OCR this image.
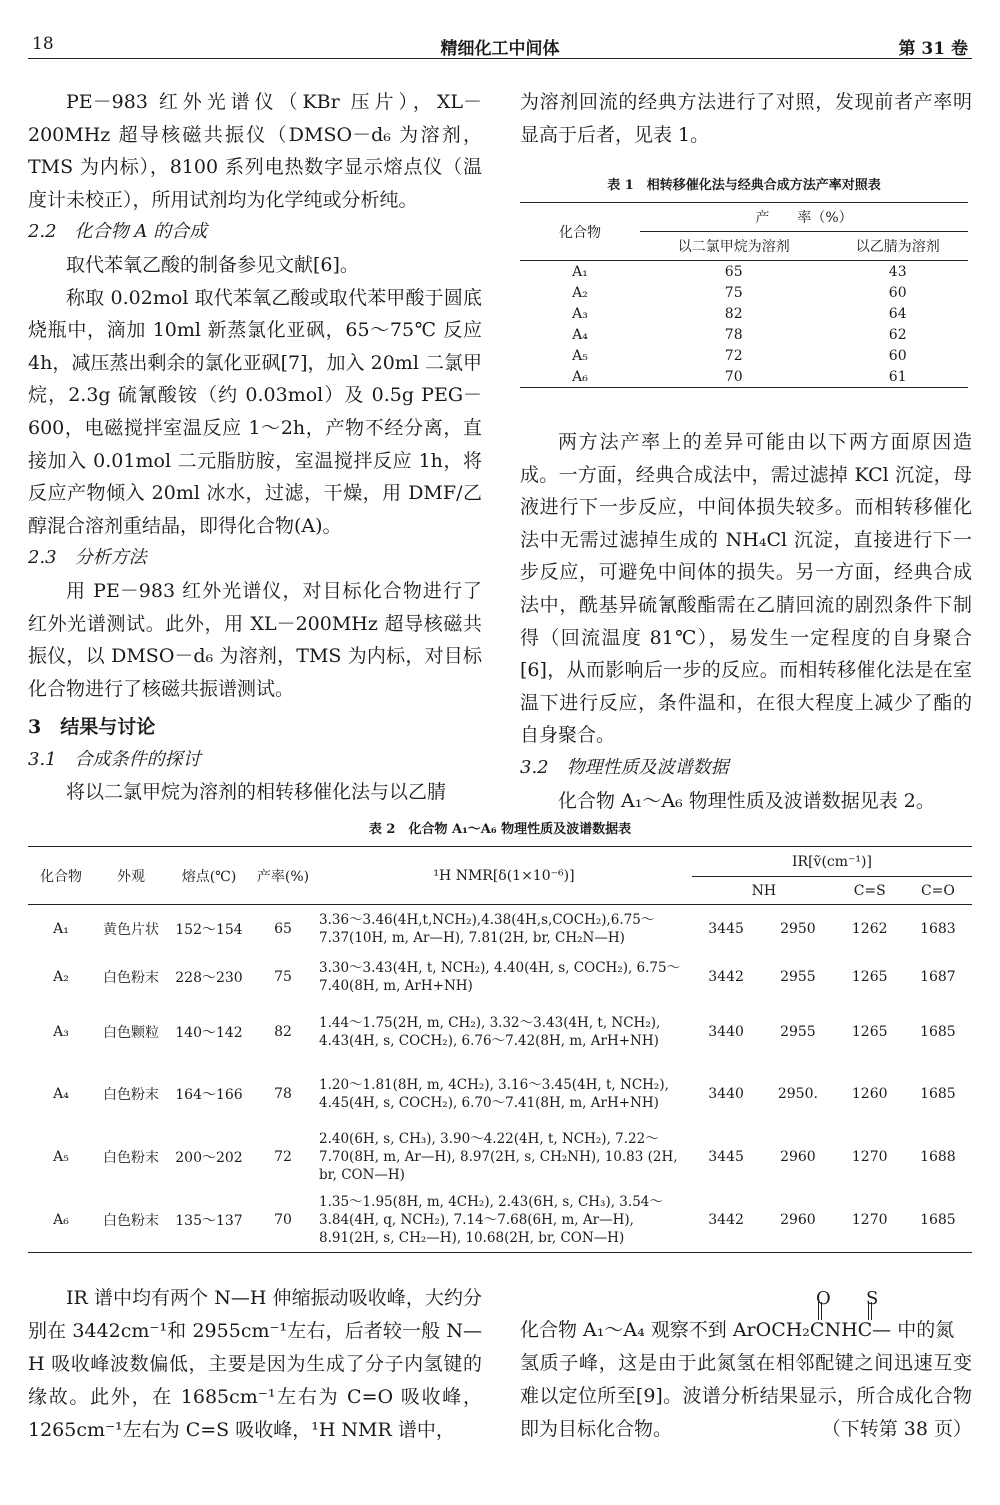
18	精细化工中间体	第 31 卷

PE－983 红外光谱仪（KBr 压片），XL－200MHz 超导核磁共振仪（DMSO－d₆ 为溶剂，TMS 为内标），8100 系列电热数字显示熔点仪（温度计未校正），所用试剂均为化学纯或分析纯。

2.2　化合物 A 的合成

取代苯氧乙酸的制备参见文献[6]。

称取 0.02mol 取代苯氧乙酸或取代苯甲酸于圆底烧瓶中，滴加 10ml 新蒸氯化亚砜，65～75℃ 反应 4h，减压蒸出剩余的氯化亚砜[7]，加入 20ml 二氯甲烷，2.3g 硫氰酸铵（约 0.03mol）及 0.5g PEG－600，电磁搅拌室温反应 1～2h，产物不经分离，直接加入 0.01mol 二元脂肪胺，室温搅拌反应 1h，将反应产物倾入 20ml 冰水，过滤，干燥，用 DMF/乙醇混合溶剂重结晶，即得化合物(A)。

2.3　分析方法

用 PE－983 红外光谱仪，对目标化合物进行了红外光谱测试。此外，用 XL－200MHz 超导核磁共振仪，以 DMSO－d₆ 为溶剂，TMS 为内标，对目标化合物进行了核磁共振谱测试。

3　结果与讨论

3.1　合成条件的探讨

将以二氯甲烷为溶剂的相转移催化法与以乙腈

为溶剂回流的经典方法进行了对照，发现前者产率明显高于后者，见表 1。

表 1　相转移催化法与经典合成方法产率对照表
化合物	产　　率（%）	
	以二氯甲烷为溶剂	以乙腈为溶剂
A₁	65	43
A₂	75	60
A₃	82	64
A₄	78	62
A₅	72	60
A₆	70	61

两方法产率上的差异可能由以下两方面原因造成。一方面，经典合成法中，需过滤掉 KCl 沉淀，母液进行下一步反应，中间体损失较多。而相转移催化法中无需过滤掉生成的 NH₄Cl 沉淀，直接进行下一步反应，可避免中间体的损失。另一方面，经典合成法中，酰基异硫氰酸酯需在乙腈回流的剧烈条件下制得（回流温度 81℃），易发生一定程度的自身聚合[6]，从而影响后一步的反应。而相转移催化法是在室温下进行反应，条件温和，在很大程度上减少了酯的自身聚合。

3.2　物理性质及波谱数据

化合物 A₁～A₆ 物理性质及波谱数据见表 2。

表 2　化合物 A₁～A₆ 物理性质及波谱数据表
化合物	外观	熔点(℃)	产率(%)	¹H NMR[δ(1×10⁻⁶)]	IR[ṽ(cm⁻¹)]			
					NH		C=S	C=O
A₁	黄色片状	152～154	65	3.36～3.46(4H,t,NCH₂),4.38(4H,s,COCH₂),6.75～7.37(10H, m, Ar—H), 7.81(2H, br, CH₂N—H)	3445	2950	1262	1683
A₂	白色粉末	228～230	75	3.30～3.43(4H, t, NCH₂), 4.40(4H, s, COCH₂), 6.75～7.40(8H, m, ArH+NH)	3442	2955	1265	1687
A₃	白色颗粒	140～142	82	1.44～1.75(2H, m, CH₂), 3.32～3.43(4H, t, NCH₂), 4.43(4H, s, COCH₂), 6.76～7.42(8H, m, ArH+NH)	3440	2955	1265	1685
A₄	白色粉末	164～166	78	1.20～1.81(8H, m, 4CH₂), 3.16～3.45(4H, t, NCH₂), 4.45(4H, s, COCH₂), 6.70～7.41(8H, m, ArH+NH)	3440	2950.	1260	1685
A₅	白色粉末	200～202	72	2.40(6H, s, CH₃), 3.90～4.22(4H, t, NCH₂), 7.22～7.70(8H, m, Ar—H), 8.97(2H, s, CH₂NH), 10.83 (2H, br, CON—H)	3445	2960	1270	1688
A₆	白色粉末	135～137	70	1.35～1.95(8H, m, 4CH₂), 2.43(6H, s, CH₃), 3.54～3.84(4H, q, NCH₂), 7.14～7.68(6H, m, Ar—H), 8.91(2H, s, CH₂—H), 10.68(2H, br, CON—H)	3442	2960	1270	1685

IR 谱中均有两个 N—H 伸缩振动吸收峰，大约分别在 3442cm⁻¹和 2955cm⁻¹左右，后者较一般 N—H 吸收峰波数偏低，主要是因为生成了分子内氢键的缘故。此外，在 1685cm⁻¹左右为 C=O 吸收峰，1265cm⁻¹左右为 C=S 吸收峰，¹H NMR 谱中，

O S
化合物 A₁～A₄ 观察不到 ArOCH₂CNHC— 中的氮

氢质子峰，这是由于此氮氢在相邻配键之间迅速互变难以定位所至[9]。波谱分析结果显示，所合成化合物即为目标化合物。	（下转第 38 页）
